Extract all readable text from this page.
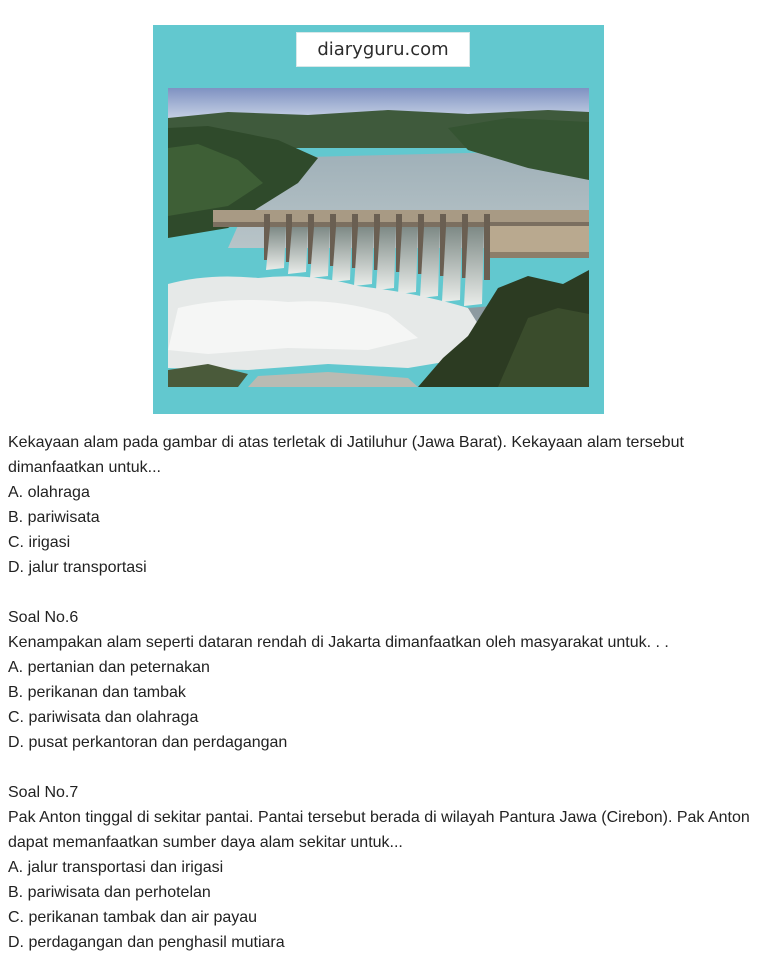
diaryguru.com

Kekayaan alam pada gambar di atas terletak di Jatiluhur (Jawa Barat). Kekayaan alam tersebut dimanfaatkan untuk...

A. olahraga

B. pariwisata

C. irigasi

D. jalur transportasi

Soal No.6

Kenampakan alam seperti dataran rendah di Jakarta dimanfaatkan oleh masyarakat untuk. . .

A. pertanian dan peternakan

B. perikanan dan tambak

C. pariwisata dan olahraga

D. pusat perkantoran dan perdagangan

Soal No.7

Pak Anton tinggal di sekitar pantai. Pantai tersebut berada di wilayah Pantura Jawa (Cirebon). Pak Anton dapat memanfaatkan sumber daya alam sekitar untuk...

A. jalur transportasi dan irigasi

B. pariwisata dan perhotelan

C. perikanan tambak dan air payau

D. perdagangan dan penghasil mutiara
